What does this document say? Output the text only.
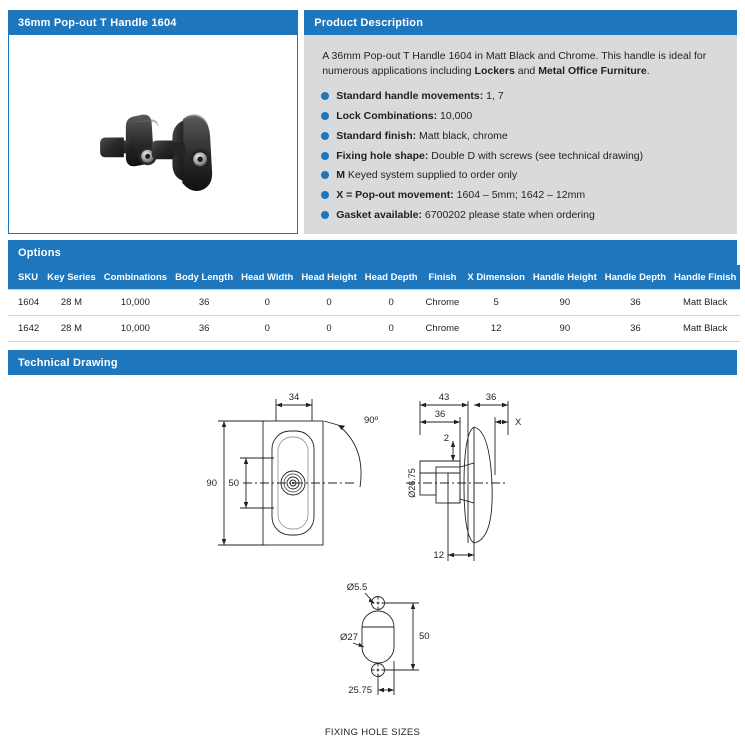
36mm Pop-out T Handle 1604	Product Description

A 36mm Pop-out T Handle 1604 in Matt Black and Chrome. This handle is ideal for numerous applications including Lockers and Metal Office Furniture.

Standard handle movements: 1, 7
Lock Combinations: 10,000
Standard finish: Matt black, chrome
Fixing hole shape: Double D with screws (see technical drawing)
M Keyed system supplied to order only
X = Pop-out movement: 1604 – 5mm; 1642 – 12mm
Gasket available: 6700202 please state when ordering
Options
SKU	Key Series	Combinations	Body Length	Head Width	Head Height	Head Depth	Finish	X Dimension	Handle Height	Handle Depth	Handle Finish
1604	28 M	10,000	36	0	0	0	Chrome	5	90	36	Matt Black
1642	28 M	10,000	36	0	0	0	Chrome	12	90	36	Matt Black
Technical Drawing
34
90 50
90º
43	36
36
X
2
Ø26.75
12
Ø5.5
Ø27	50
25.75
FIXING HOLE SIZES
